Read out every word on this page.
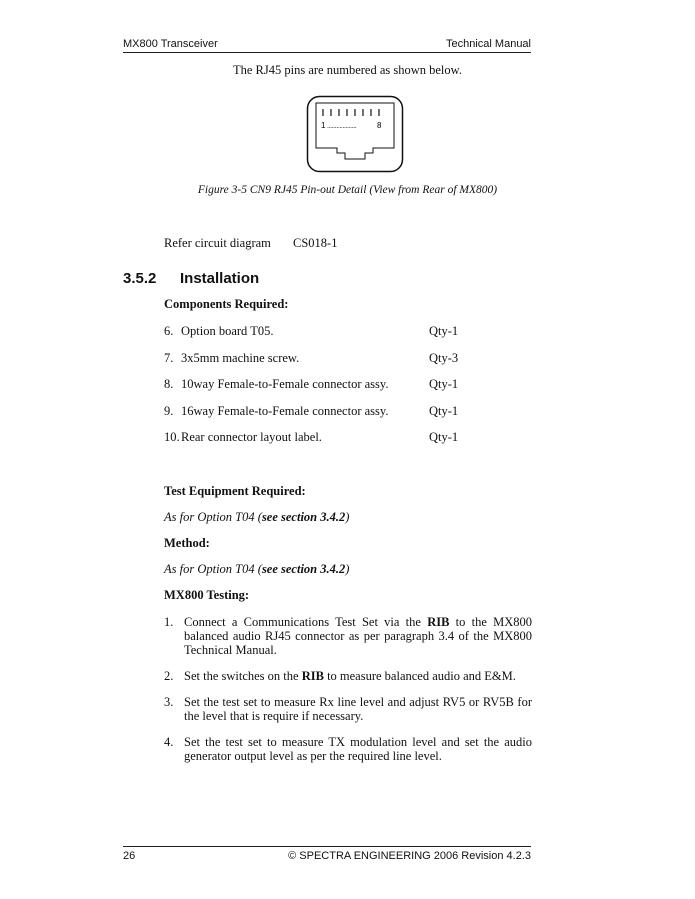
MX800 Transceiver	Technical Manual
The RJ45 pins are numbered as shown below.
1 ...................	8
Figure 3-5 CN9 RJ45 Pin-out Detail (View from Rear of MX800)
Refer circuit diagram CS018-1
3.5.2 Installation
Components Required:
6. Option board T05.	Qty-1
7. 3x5mm machine screw.	Qty-3
8. 10way Female-to-Female connector assy.	Qty-1
9. 16way Female-to-Female connector assy.	Qty-1
10. Rear connector layout label.	Qty-1
Test Equipment Required:
As for Option T04 (see section 3.4.2)
Method:
As for Option T04 (see section 3.4.2)
MX800 Testing:
1. Connect a Communications Test Set via the RIB to the MX800 balanced audio RJ45 connector as per paragraph 3.4 of the MX800 Technical Manual.
2. Set the switches on the RIB to measure balanced audio and E&M.
3. Set the test set to measure Rx line level and adjust RV5 or RV5B for the level that is require if necessary.
4. Set the test set to measure TX modulation level and set the audio generator output level as per the required line level.
26	© SPECTRA ENGINEERING 2006 Revision 4.2.3
